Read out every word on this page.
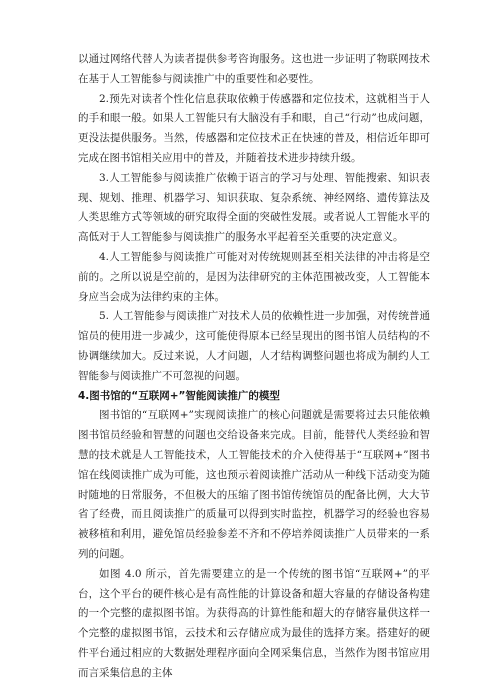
以通过网络代替人为读者提供参考咨询服务。这也进一步证明了物联网技术在基于人工智能参与阅读推广中的重要性和必要性。

2.预先对读者个性化信息获取依赖于传感器和定位技术，这就相当于人的手和眼一般。如果人工智能只有大脑没有手和眼，自己“行动”也成问题，更没法提供服务。当然，传感器和定位技术正在快速的普及，相信近年即可完成在图书馆相关应用中的普及，并随着技术进步持续升级。

3.人工智能参与阅读推广依赖于语言的学习与处理、智能搜索、知识表现、规划、推理、机器学习、知识获取、复杂系统、神经网络、遗传算法及人类思维方式等领域的研究取得全面的突破性发展。或者说人工智能水平的高低对于人工智能参与阅读推广的服务水平起着至关重要的决定意义。

4.人工智能参与阅读推广可能对对传统规则甚至相关法律的冲击将是空前的。之所以说是空前的，是因为法律研究的主体范围被改变，人工智能本身应当会成为法律约束的主体。

5. 人工智能参与阅读推广对技术人员的依赖性进一步加强，对传统普通馆员的使用进一步减少，这可能使得原本已经呈现出的图书馆人员结构的不协调继续加大。反过来说，人才问题，人才结构调整问题也将成为制约人工智能参与阅读推广不可忽视的问题。

4.图书馆的“互联网+”智能阅读推广的模型

图书馆的“互联网+”实现阅读推广的核心问题就是需要将过去只能依赖图书馆员经验和智慧的问题也交给设备来完成。目前，能替代人类经验和智慧的技术就是人工智能技术，人工智能技术的介入使得基于“互联网+”图书馆在线阅读推广成为可能，这也预示着阅读推广活动从一种线下活动变为随时随地的日常服务，不但极大的压缩了图书馆传统馆员的配备比例，大大节省了经费，而且阅读推广的质量可以得到实时监控，机器学习的经验也容易被移植和利用，避免馆员经验参差不齐和不停培养阅读推广人员带来的一系列的问题。

如图 4.0 所示，首先需要建立的是一个传统的图书馆“互联网+”的平台，这个平台的硬件核心是有高性能的计算设备和超大容量的存储设备构建的一个完整的虚拟图书馆。为获得高的计算性能和超大的存储容量供这样一个完整的虚拟图书馆，云技术和云存储应成为最佳的选择方案。搭建好的硬件平台通过相应的大数据处理程序面向全网采集信息，当然作为图书馆应用而言采集信息的主体
